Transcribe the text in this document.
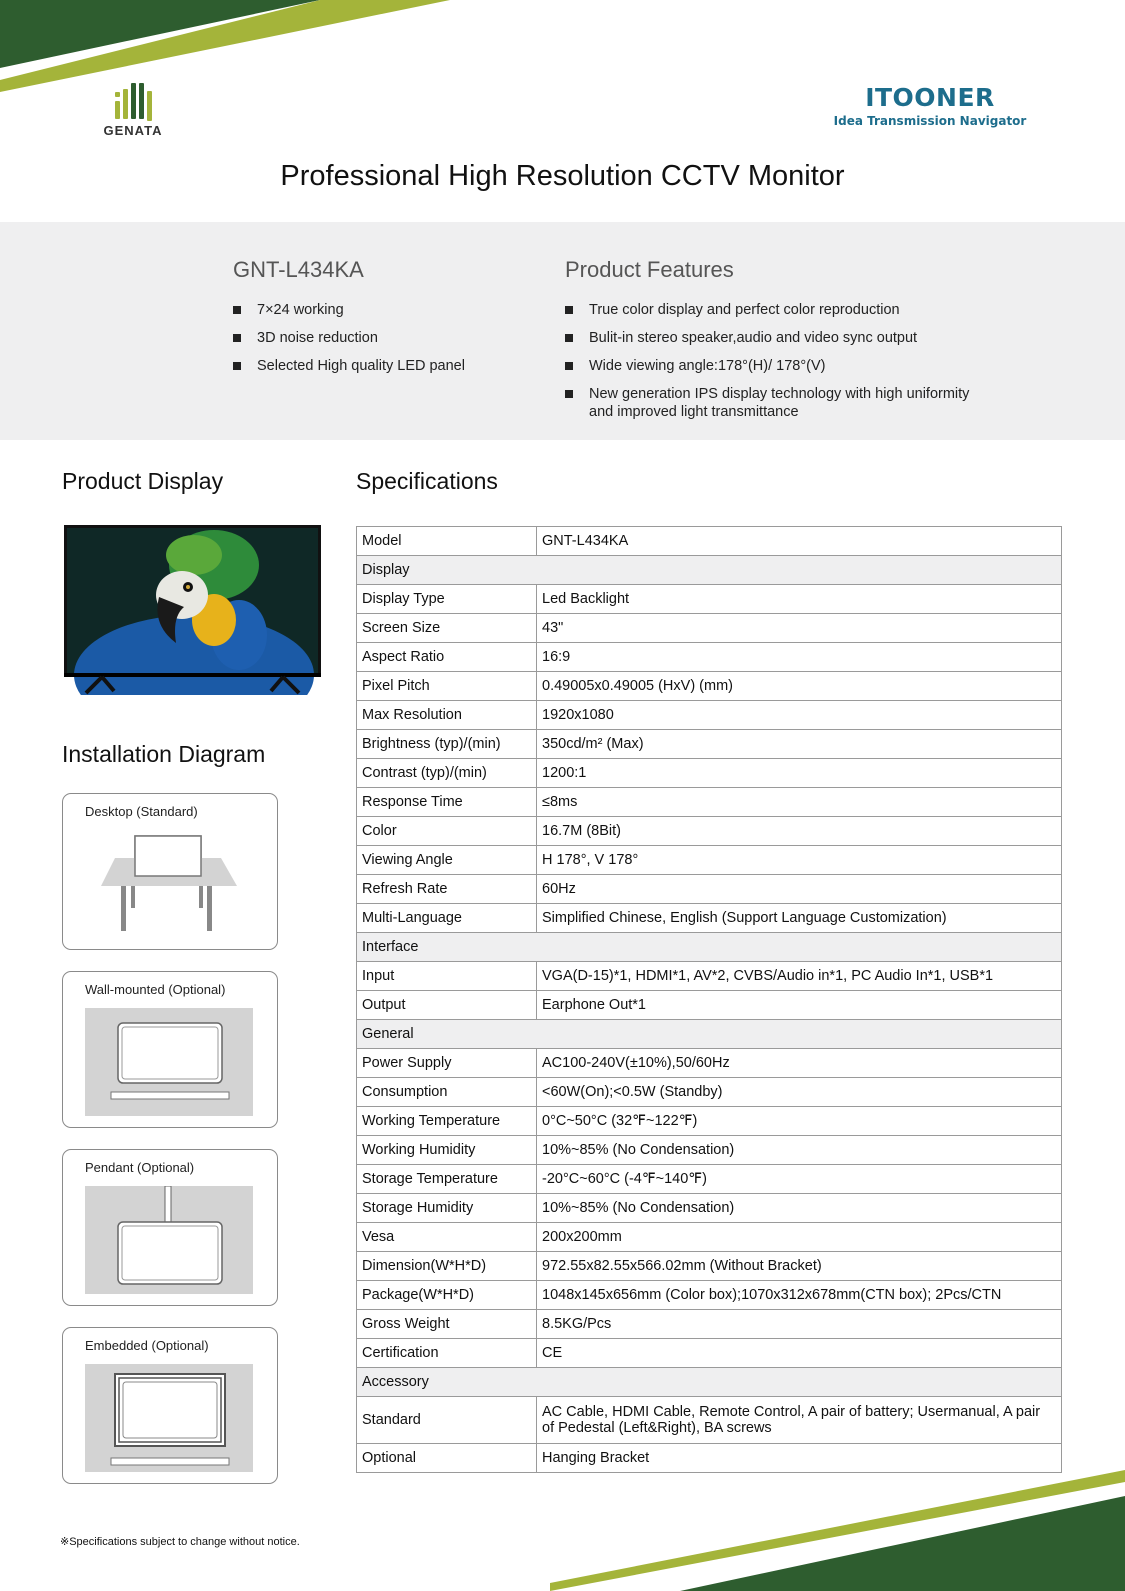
GENATA
ITOONER
Idea Transmission Navigator
Professional High Resolution CCTV Monitor
GNT-L434KA
7×24 working
3D noise reduction
Selected High quality LED panel
Product Features
True color display and perfect color reproduction
Bulit-in stereo speaker,audio and video sync output
Wide viewing angle:178°(H)/ 178°(V)
New generation IPS display technology with high uniformity and improved light transmittance
Product Display
Installation Diagram
Desktop (Standard)
Wall-mounted (Optional)
Pendant (Optional)
Embedded (Optional)
Specifications
Model	GNT-L434KA
Display	
Display Type	Led Backlight
Screen Size	43"
Aspect Ratio	16:9
Pixel Pitch	0.49005x0.49005 (HxV) (mm)
Max Resolution	1920x1080
Brightness (typ)/(min)	350cd/m² (Max)
Contrast (typ)/(min)	1200:1
Response Time	≤8ms
Color	16.7M (8Bit)
Viewing Angle	H 178°, V 178°
Refresh Rate	60Hz
Multi-Language	Simplified Chinese, English (Support Language Customization)
Interface	
Input	VGA(D-15)*1, HDMI*1, AV*2, CVBS/Audio in*1, PC Audio In*1, USB*1
Output	Earphone Out*1
General	
Power Supply	AC100-240V(±10%),50/60Hz
Consumption	<60W(On);<0.5W (Standby)
Working Temperature	0°C~50°C (32℉~122℉)
Working Humidity	10%~85% (No Condensation)
Storage Temperature	-20°C~60°C (-4℉~140℉)
Storage Humidity	10%~85% (No Condensation)
Vesa	200x200mm
Dimension(W*H*D)	972.55x82.55x566.02mm (Without Bracket)
Package(W*H*D)	1048x145x656mm (Color box);1070x312x678mm(CTN box); 2Pcs/CTN
Gross Weight	8.5KG/Pcs
Certification	CE
Accessory	
Standard	AC Cable, HDMI Cable, Remote Control, A pair of battery; Usermanual, A pair of Pedestal (Left&Right), BA screws
Optional	Hanging Bracket
※Specifications subject to change without notice.
